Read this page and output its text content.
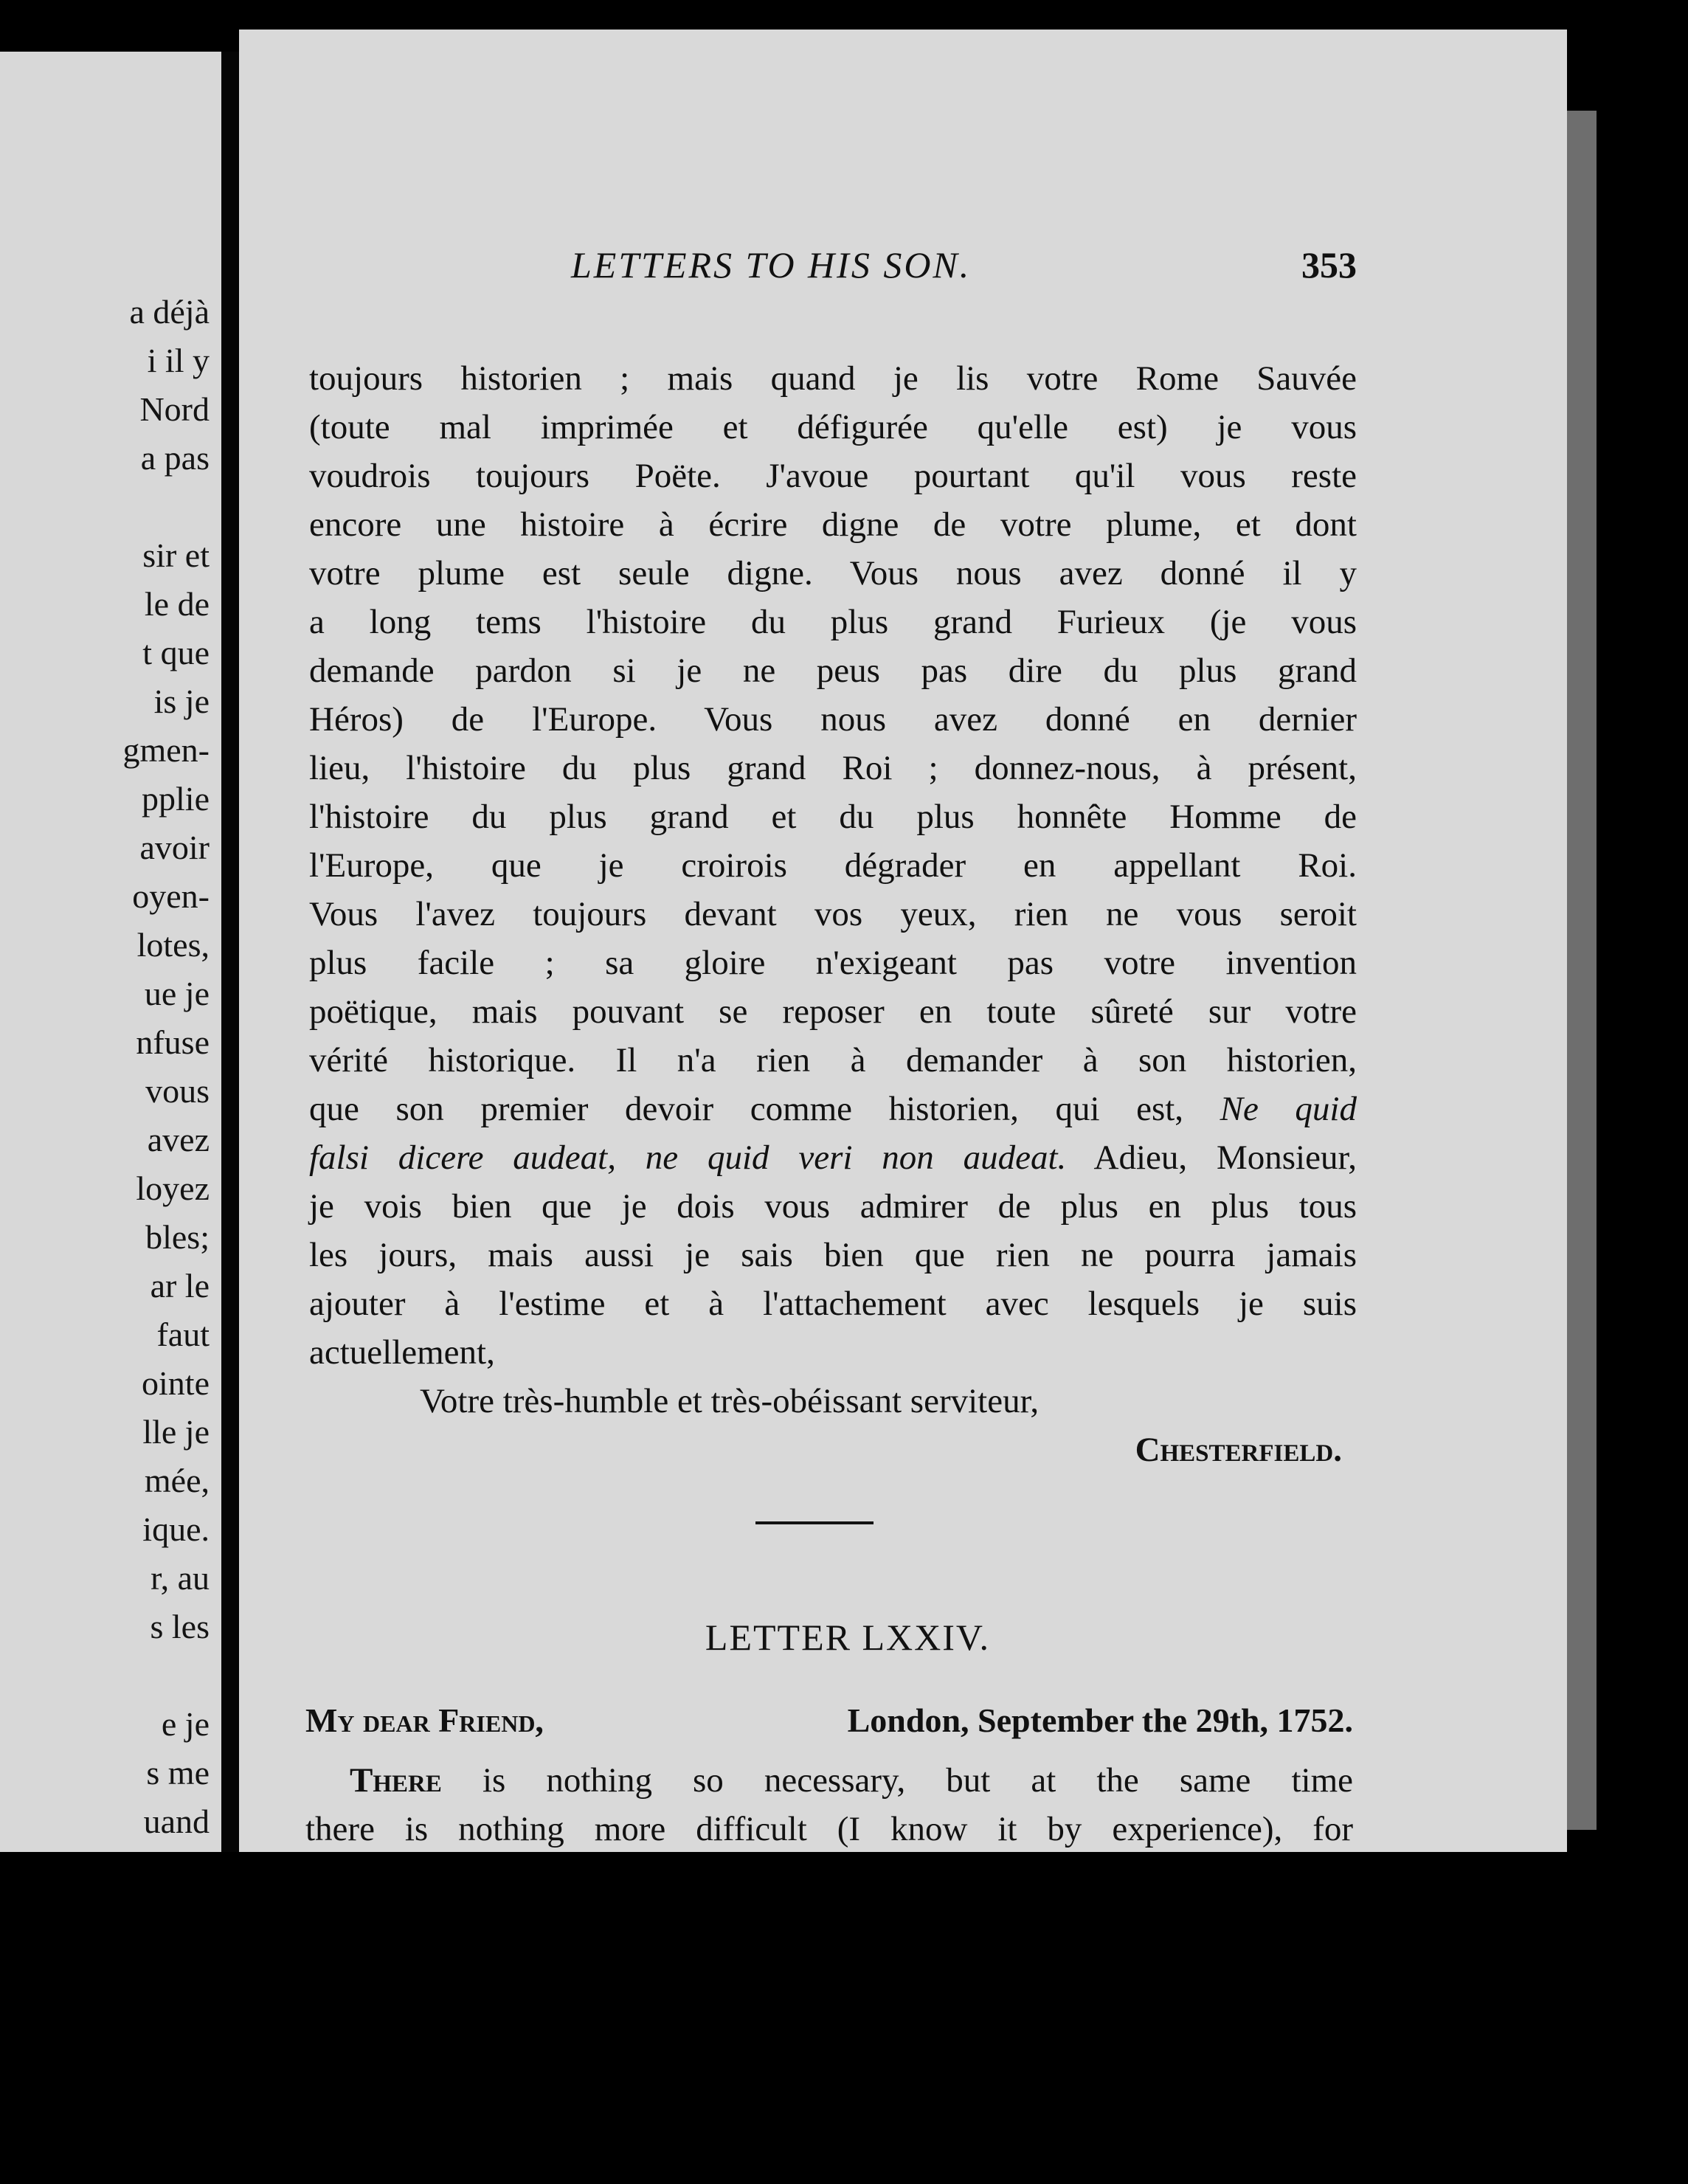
a déjà
i il y
Nord
a pas
sir et
le de
t que
is je
gmen-
pplie
avoir
oyen-
lotes,
ue je
nfuse
vous
avez
loyez
bles;
ar le
faut
ointe
lle je
mée,
ique.
r, au
s les
e je
s me
uand
LETTERS TO HIS SON.	353
toujours historien ; mais quand je lis votre Rome Sauvée
(toute mal imprimée et défigurée qu'elle est) je vous
voudrois toujours Poëte. J'avoue pourtant qu'il vous reste
encore une histoire à écrire digne de votre plume, et dont
votre plume est seule digne. Vous nous avez donné il y
a long tems l'histoire du plus grand Furieux (je vous
demande pardon si je ne peus pas dire du plus grand
Héros) de l'Europe. Vous nous avez donné en dernier
lieu, l'histoire du plus grand Roi ; donnez-nous, à présent,
l'histoire du plus grand et du plus honnête Homme de
l'Europe, que je croirois dégrader en appellant Roi.
Vous l'avez toujours devant vos yeux, rien ne vous seroit
plus facile ; sa gloire n'exigeant pas votre invention
poëtique, mais pouvant se reposer en toute sûreté sur votre
vérité historique. Il n'a rien à demander à son historien,
que son premier devoir comme historien, qui est, Ne quid
falsi dicere audeat, ne quid veri non audeat. Adieu, Monsieur,
je vois bien que je dois vous admirer de plus en plus tous
les jours, mais aussi je sais bien que rien ne pourra jamais
ajouter à l'estime et à l'attachement avec lesquels je suis
actuellement,
Votre très-humble et très-obéissant serviteur,
Chesterfield.
LETTER LXXIV.
My dear Friend,	London, September the 29th, 1752.
There is nothing so necessary, but at the same time
there is nothing more difficult (I know it by experience), for
